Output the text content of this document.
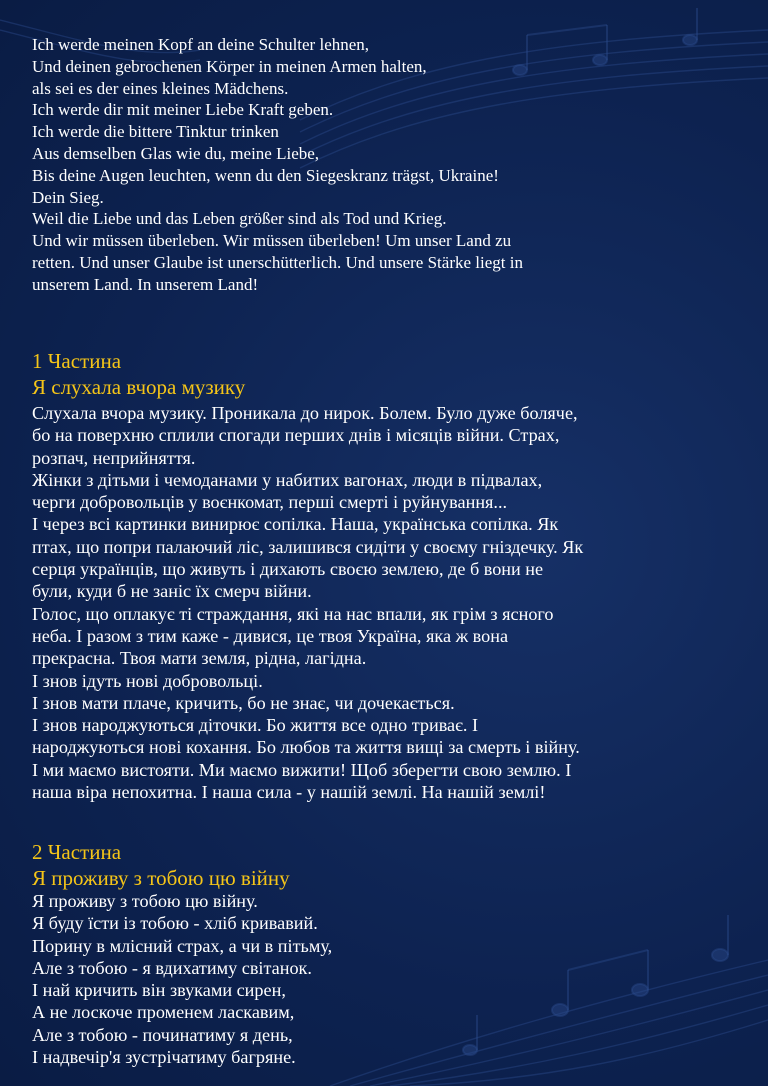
Ich werde meinen Kopf an deine Schulter lehnen,
Und deinen gebrochenen Körper in meinen Armen halten,
als sei es der eines kleines Mädchens.
Ich werde dir mit meiner Liebe Kraft geben.
Ich werde die bittere Tinktur trinken
Aus demselben Glas wie du, meine Liebe,
Bis deine Augen leuchten, wenn du den Siegeskranz trägst, Ukraine!
Dein Sieg.
Weil die Liebe und das Leben größer sind als Tod und Krieg.
Und wir müssen überleben. Wir müssen überleben! Um unser Land zu
retten. Und unser Glaube ist unerschütterlich. Und unsere Stärke liegt in
unserem Land. In unserem Land!
1 Частина
Я слухала вчора музику
Слухала вчора музику. Проникала до нирок. Болем. Було дуже боляче,
бо на поверхню сплили спогади перших днів і місяців війни. Страх,
розпач, неприйняття.
Жінки з дітьми і чемоданами у набитих вагонах, люди в підвалах,
черги добровольців у воєнкомат, перші смерті і руйнування...
І через всі картинки винирює сопілка. Наша, українська сопілка. Як
птах, що попри палаючий ліс, залишився сидіти у своєму гніздечку. Як
серця українців, що живуть і дихають своєю землею, де б вони не
були, куди б не заніс їх смерч війни.
Голос, що оплакує ті страждання, які на нас впали, як грім з ясного
неба. І разом з тим каже - дивися, це твоя Україна, яка ж вона
прекрасна. Твоя мати земля, рідна, лагідна.
І знов ідуть нові добровольці.
І знов мати плаче, кричить, бо не знає, чи дочекається.
І знов народжуються діточки. Бо життя все одно триває. І
народжуються нові кохання. Бо любов та життя вищі за смерть і війну.
І ми маємо вистояти. Ми маємо вижити! Щоб зберегти свою землю. І
наша віра непохитна. І наша сила - у нашій землі. На нашій землі!
2 Частина
Я проживу з тобою цю війну
Я проживу з тобою цю війну.
Я буду їсти із тобою - хліб кривавий.
Порину в млісний страх, а чи в пітьму,
Але з тобою - я вдихатиму світанок.
І най кричить він звуками сирен,
А не лоскоче променем ласкавим,
Але з тобою - починатиму я день,
І надвечір'я зустрічатиму багряне.
